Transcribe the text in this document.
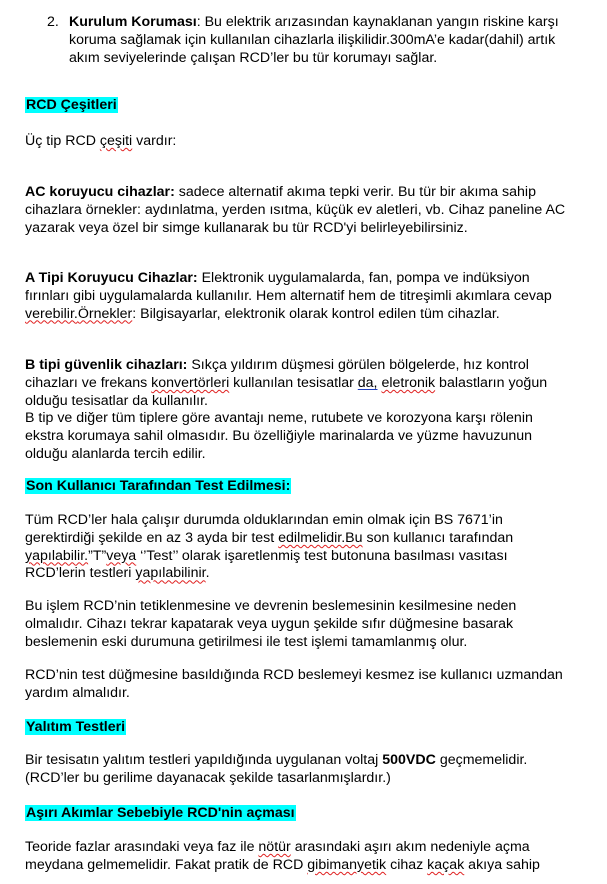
2. Kurulum Koruması: Bu elektrik arızasından kaynaklanan yangın riskine karşı
koruma sağlamak için kullanılan cihazlarla ilişkilidir.300mA’e kadar(dahil) artık
akım seviyelerinde çalışan RCD’ler bu tür korumayı sağlar.
RCD Çeşitleri
Üç tip RCD çeşiti vardır:
AC koruyucu cihazlar: sadece alternatif akıma tepki verir. Bu tür bir akıma sahip
cihazlara örnekler: aydınlatma, yerden ısıtma, küçük ev aletleri, vb. Cihaz paneline AC
yazarak veya özel bir simge kullanarak bu tür RCD'yi belirleyebilirsiniz.
A Tipi Koruyucu Cihazlar: Elektronik uygulamalarda, fan, pompa ve indüksiyon
fırınları gibi uygulamalarda kullanılır. Hem alternatif hem de titreşimli akımlara cevap
verebilir.Örnekler: Bilgisayarlar, elektronik olarak kontrol edilen tüm cihazlar.
B tipi güvenlik cihazları: Sıkça yıldırım düşmesi görülen bölgelerde, hız kontrol
cihazları ve frekans konvertörleri kullanılan tesisatlar da, eletronik balastların yoğun
olduğu tesisatlar da kullanılır.
B tip ve diğer tüm tiplere göre avantajı neme, rutubete ve korozyona karşı rölenin
ekstra korumaya sahil olmasıdır. Bu özelliğiyle marinalarda ve yüzme havuzunun
olduğu alanlarda tercih edilir.
Son Kullanıcı Tarafından Test Edilmesi:
Tüm RCD’ler hala çalışır durumda olduklarından emin olmak için BS 7671’in
gerektirdiği şekilde en az 3 ayda bir test edilmelidir.Bu son kullanıcı tarafından
yapılabilir.”T”veya ‘’Test’’ olarak işaretlenmiş test butonuna basılması vasıtası
RCD’lerin testleri yapılabilinir.
Bu işlem RCD’nin tetiklenmesine ve devrenin beslemesinin kesilmesine neden
olmalıdır. Cihazı tekrar kapatarak veya uygun şekilde sıfır düğmesine basarak
beslemenin eski durumuna getirilmesi ile test işlemi tamamlanmış olur.
RCD’nin test düğmesine basıldığında RCD beslemeyi kesmez ise kullanıcı uzmandan
yardım almalıdır.
Yalıtım Testleri
Bir tesisatın yalıtım testleri yapıldığında uygulanan voltaj 500VDC geçmemelidir.
(RCD’ler bu gerilime dayanacak şekilde tasarlanmışlardır.)
Aşırı Akımlar Sebebiyle RCD'nin açması
Teoride fazlar arasındaki veya faz ile nötür arasındaki aşırı akım nedeniyle açma
meydana gelmemelidir. Fakat pratik de RCD gibimanyetik cihaz kaçak akıya sahip
